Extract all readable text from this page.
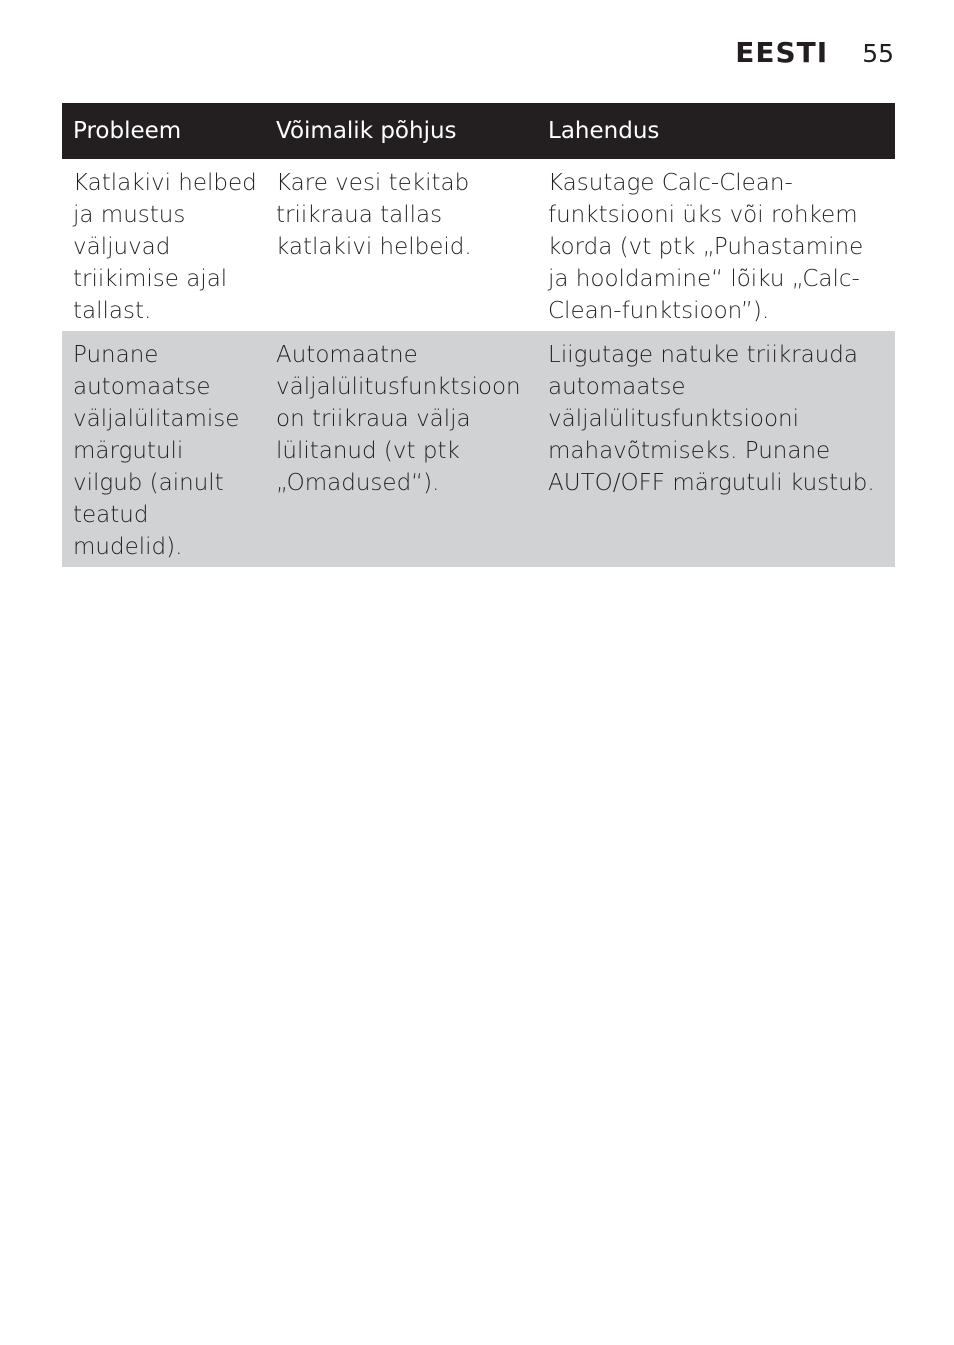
EESTI 55
Probleem	Võimalik põhjus	Lahendus
Katlakivi helbed ja mustus väljuvad triikimise ajal tallast.	Kare vesi tekitab triikraua tallas katlakivi helbeid.	Kasutage Calc-Clean-funktsiooni üks või rohkem korda (vt ptk „Puhastamine ja hooldamine“ lõiku „Calc-Clean-funktsioon”).
Punane automaatse väljalülitamise märgutuli vilgub (ainult teatud mudelid).	Automaatne väljalülitusfunktsioon on triikraua välja lülitanud (vt ptk „Omadused“).	Liigutage natuke triikrauda automaatse väljalülitusfunktsiooni mahavõtmiseks. Punane AUTO/OFF märgutuli kustub.
